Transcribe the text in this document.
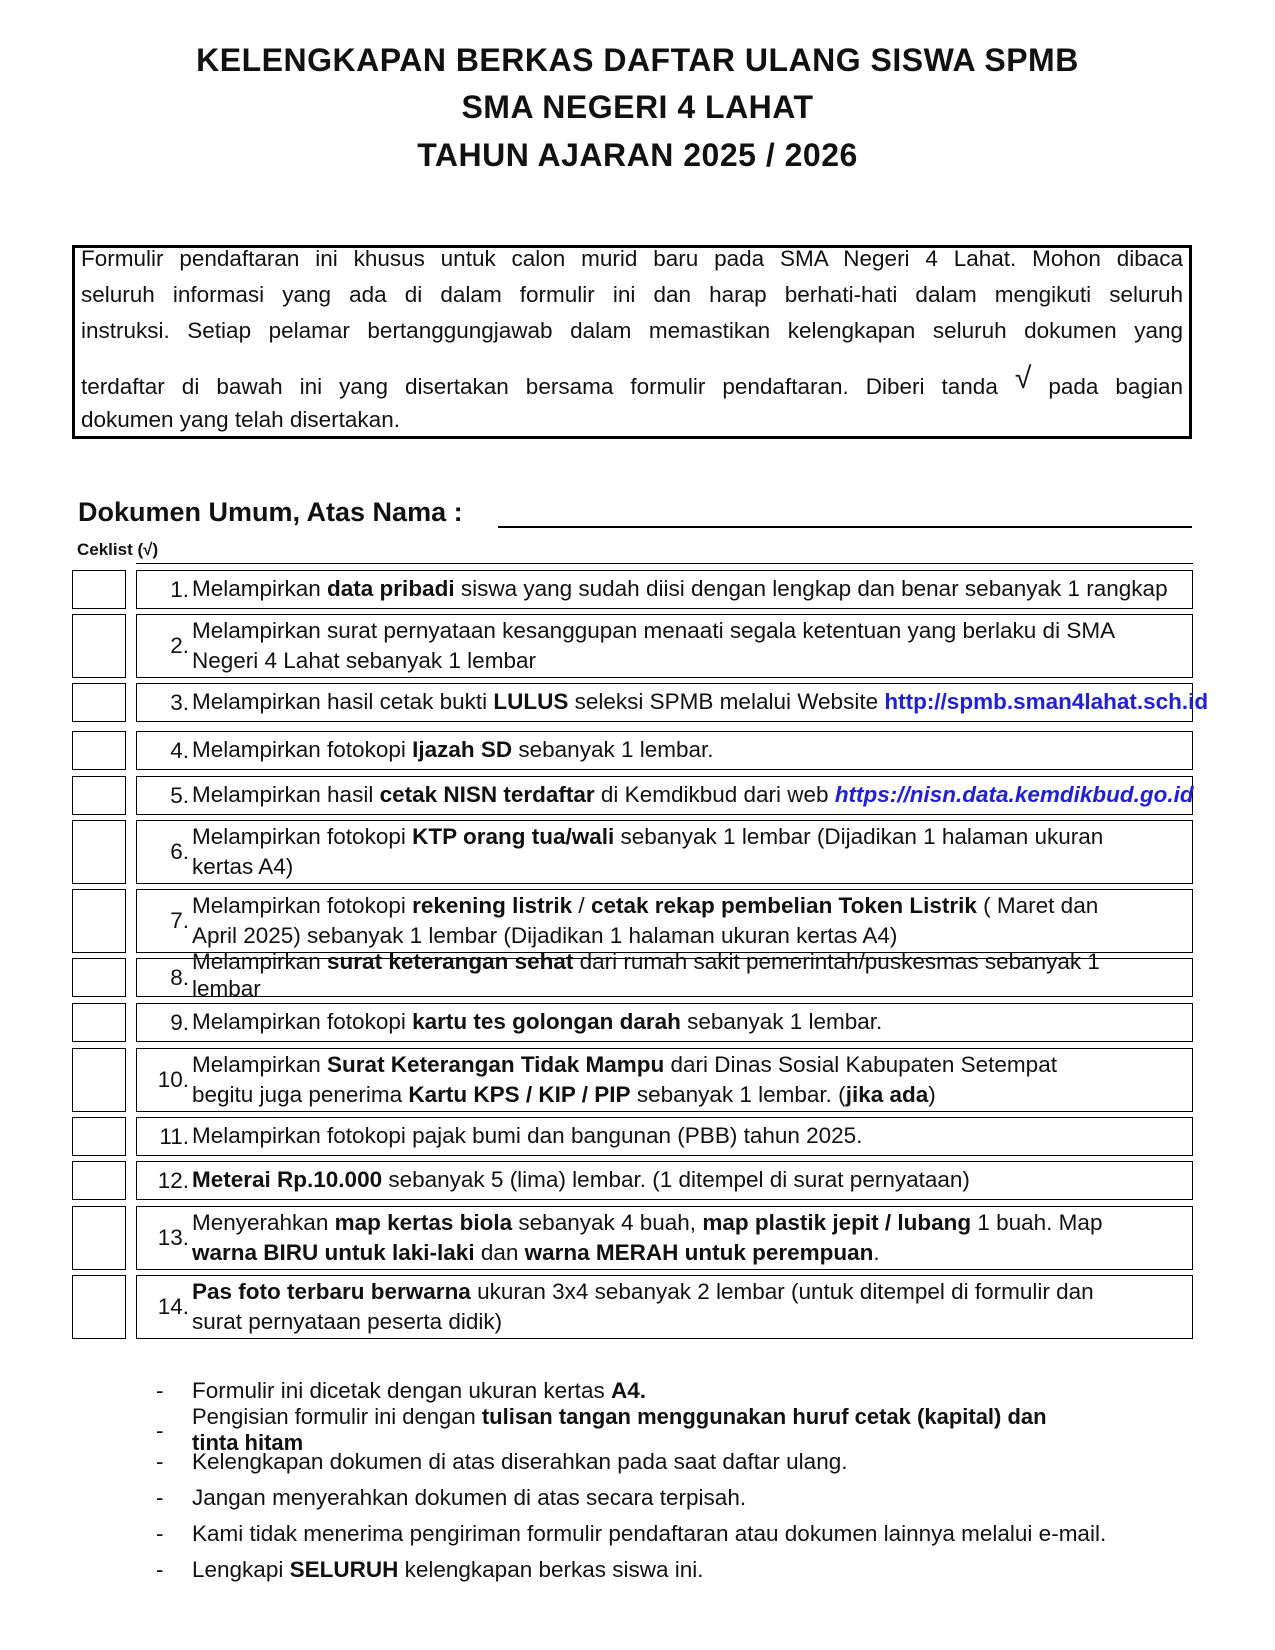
KELENGKAPAN BERKAS DAFTAR ULANG SISWA SPMB
SMA NEGERI 4 LAHAT
TAHUN AJARAN 2025 / 2026
Formulir pendaftaran ini khusus untuk calon murid baru pada SMA Negeri 4 Lahat. Mohon dibaca
seluruh informasi yang ada di dalam formulir ini dan harap berhati-hati dalam mengikuti seluruh
instruksi. Setiap pelamar bertanggungjawab dalam memastikan kelengkapan seluruh dokumen yang
terdaftar di bawah ini yang disertakan bersama formulir pendaftaran. Diberi tanda √ pada bagian
dokumen yang telah disertakan.
Dokumen Umum, Atas Nama :
Ceklist (√)
1. Melampirkan data pribadi siswa yang sudah diisi dengan lengkap dan benar sebanyak 1 rangkap
2.
Melampirkan surat pernyataan kesanggupan menaati segala ketentuan yang berlaku di SMA
Negeri 4 Lahat sebanyak 1 lembar
3. Melampirkan hasil cetak bukti LULUS seleksi SPMB melalui Website http://spmb.sman4lahat.sch.id
4. Melampirkan fotokopi Ijazah SD sebanyak 1 lembar.
5. Melampirkan hasil cetak NISN terdaftar di Kemdikbud dari web https://nisn.data.kemdikbud.go.id
6.
Melampirkan fotokopi KTP orang tua/wali sebanyak 1 lembar (Dijadikan 1 halaman ukuran
kertas A4)
7.
Melampirkan fotokopi rekening listrik / cetak rekap pembelian Token Listrik ( Maret dan
April 2025) sebanyak 1 lembar (Dijadikan 1 halaman ukuran kertas A4)
8.
Melampirkan surat keterangan sehat dari rumah sakit pemerintah/puskesmas sebanyak 1
lembar
9. Melampirkan fotokopi kartu tes golongan darah sebanyak 1 lembar.
10.
Melampirkan Surat Keterangan Tidak Mampu dari Dinas Sosial Kabupaten Setempat
begitu juga penerima Kartu KPS / KIP / PIP sebanyak 1 lembar. (jika ada)
11. Melampirkan fotokopi pajak bumi dan bangunan (PBB) tahun 2025.
12. Meterai Rp.10.000 sebanyak 5 (lima) lembar. (1 ditempel di surat pernyataan)
13.
Menyerahkan map kertas biola sebanyak 4 buah, map plastik jepit / lubang 1 buah. Map
warna BIRU untuk laki-laki dan warna MERAH untuk perempuan.
14.
Pas foto terbaru berwarna ukuran 3x4 sebanyak 2 lembar (untuk ditempel di formulir dan
surat pernyataan peserta didik)
-	Formulir ini dicetak dengan ukuran kertas A4.
-
Pengisian formulir ini dengan tulisan tangan menggunakan huruf cetak (kapital) dan
tinta hitam
-	Kelengkapan dokumen di atas diserahkan pada saat daftar ulang.
-	Jangan menyerahkan dokumen di atas secara terpisah.
-	Kami tidak menerima pengiriman formulir pendaftaran atau dokumen lainnya melalui e-mail.
-	Lengkapi SELURUH kelengkapan berkas siswa ini.
